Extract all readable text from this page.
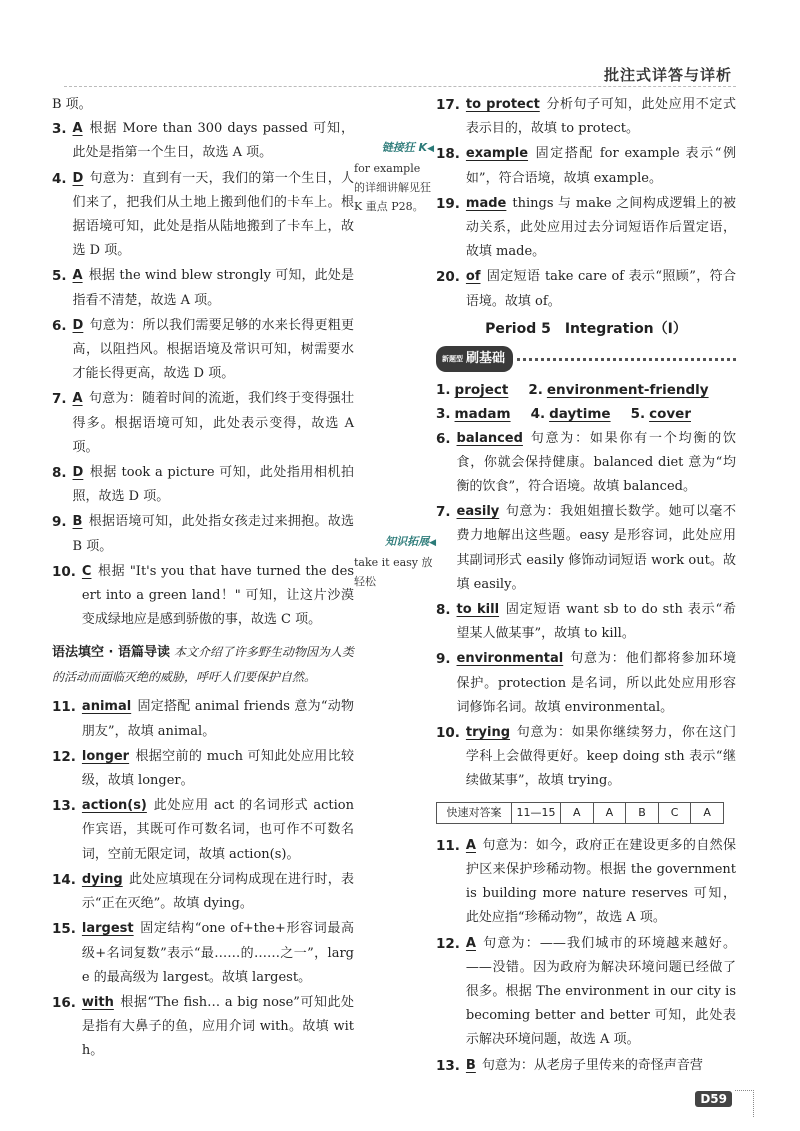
批注式详答与详析
B 项。
3. A 根据 More than 300 days passed 可知，此处是指第一个生日，故选 A 项。
4. D 句意为：直到有一天，我们的第一个生日，人们来了，把我们从土地上搬到他们的卡车上。根据语境可知，此处是指从陆地搬到了卡车上，故选 D 项。
5. A 根据 the wind blew strongly 可知，此处是指看不清楚，故选 A 项。
6. D 句意为：所以我们需要足够的水来长得更粗更高，以阻挡风。根据语境及常识可知，树需要水才能长得更高，故选 D 项。
7. A 句意为：随着时间的流逝，我们终于变得强壮得多。根据语境可知，此处表示变得，故选 A 项。
8. D 根据 took a picture 可知，此处指用相机拍照，故选 D 项。
9. B 根据语境可知，此处指女孩走过来拥抱。故选 B 项。
10. C 根据 "It's you that have turned the desert into a green land！" 可知，让这片沙漠变成绿地应是感到骄傲的事，故选 C 项。
语法填空 · 语篇导读 本文介绍了许多野生动物因为人类的活动而面临灭绝的威胁，呼吁人们要保护自然。
11. animal 固定搭配 animal friends 意为“动物朋友”，故填 animal。
12. longer 根据空前的 much 可知此处应用比较级，故填 longer。
13. action(s) 此处应用 act 的名词形式 action 作宾语，其既可作可数名词，也可作不可数名词，空前无限定词，故填 action(s)。
14. dying 此处应填现在分词构成现在进行时，表示“正在灭绝”。故填 dying。
15. largest 固定结构“one of+the+形容词最高级+名词复数”表示“最……的……之一”，large 的最高级为 largest。故填 largest。
16. with 根据“The fish… a big nose”可知此处是指有大鼻子的鱼，应用介词 with。故填 with。
链接狂 K◀
for example 的详细讲解见狂 K 重点 P28。
知识拓展◀
take it easy 放轻松
17. to protect 分析句子可知，此处应用不定式表示目的，故填 to protect。
18. example 固定搭配 for example 表示“例如”，符合语境，故填 example。
19. made things 与 make 之间构成逻辑上的被动关系，此处应用过去分词短语作后置定语，故填 made。
20. of 固定短语 take care of 表示“照顾”，符合语境。故填 of。
Period 5　Integration（Ⅰ）
新题型 刷基础
1. project 2. environment-friendly
3. madam 4. daytime 5. cover
6. balanced 句意为：如果你有一个均衡的饮食，你就会保持健康。balanced diet 意为“均衡的饮食”，符合语境。故填 balanced。
7. easily 句意为：我姐姐擅长数学。她可以毫不费力地解出这些题。easy 是形容词，此处应用其副词形式 easily 修饰动词短语 work out。故填 easily。
8. to kill 固定短语 want sb to do sth 表示“希望某人做某事”，故填 to kill。
9. environmental 句意为：他们都将参加环境保护。protection 是名词，所以此处应用形容词修饰名词。故填 environmental。
10. trying 句意为：如果你继续努力，你在这门学科上会做得更好。keep doing sth 表示“继续做某事”，故填 trying。
快速对答案	11—15	A	A	B	C	A
11. A 句意为：如今，政府正在建设更多的自然保护区来保护珍稀动物。根据 the government is building more nature reserves 可知，此处应指“珍稀动物”，故选 A 项。
12. A 句意为：——我们城市的环境越来越好。——没错。因为政府为解决环境问题已经做了很多。根据 The environment in our city is becoming better and better 可知，此处表示解决环境问题，故选 A 项。
13. B 句意为：从老房子里传来的奇怪声音营
D59
